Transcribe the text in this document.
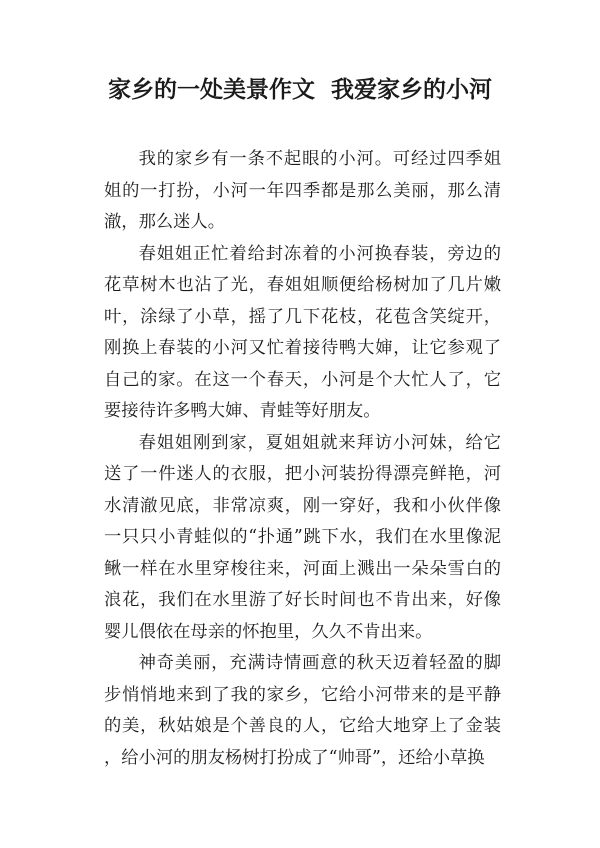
家乡的一处美景作文  我爱家乡的小河

我的家乡有一条不起眼的小河。可经过四季姐姐的一打扮，小河一年四季都是那么美丽，那么清澈，那么迷人。

春姐姐正忙着给封冻着的小河换春装，旁边的花草树木也沾了光，春姐姐顺便给杨树加了几片嫩叶，涂绿了小草，摇了几下花枝，花苞含笑绽开，刚换上春装的小河又忙着接待鸭大婶，让它参观了自己的家。在这一个春天，小河是个大忙人了，它要接待许多鸭大婶、青蛙等好朋友。

春姐姐刚到家，夏姐姐就来拜访小河妹，给它送了一件迷人的衣服，把小河装扮得漂亮鲜艳，河水清澈见底，非常凉爽，刚一穿好，我和小伙伴像一只只小青蛙似的“扑通”跳下水，我们在水里像泥鳅一样在水里穿梭往来，河面上溅出一朵朵雪白的浪花，我们在水里游了好长时间也不肯出来，好像婴儿偎依在母亲的怀抱里，久久不肯出来。

神奇美丽，充满诗情画意的秋天迈着轻盈的脚步悄悄地来到了我的家乡，它给小河带来的是平静的美，秋姑娘是个善良的人，它给大地穿上了金装，给小河的朋友杨树打扮成了“帅哥”，还给小草换
